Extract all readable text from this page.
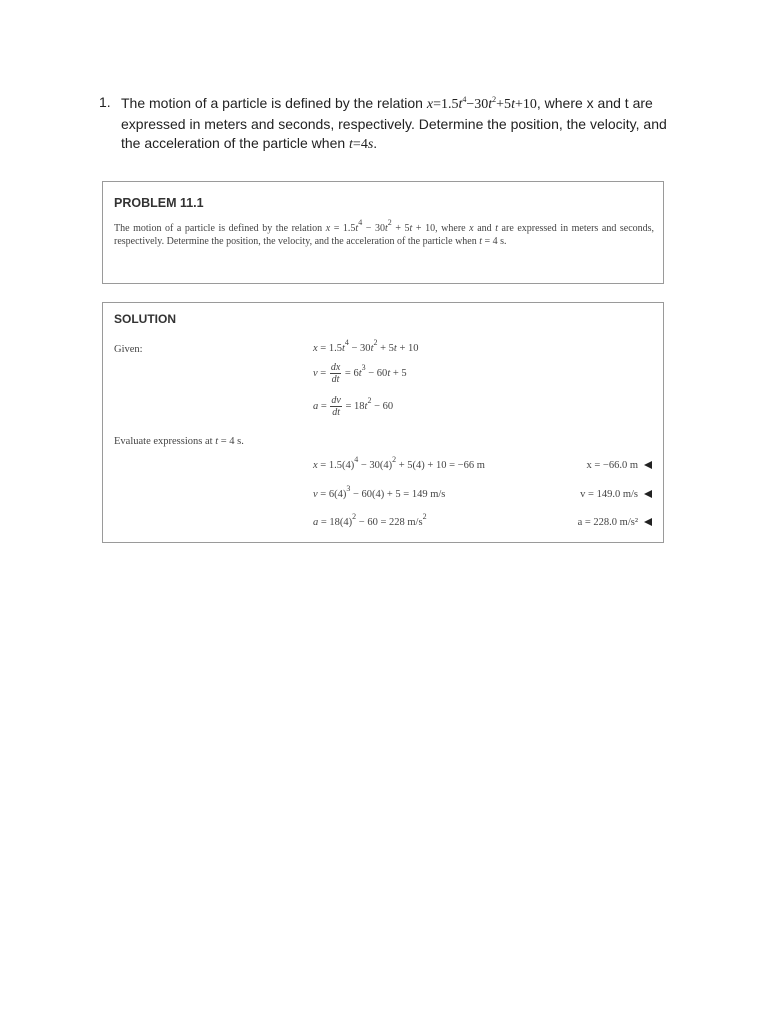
1. The motion of a particle is defined by the relation $x=1.5t^4-30t^2+5t+10$, where x and t are expressed in meters and seconds, respectively. Determine the position, the velocity, and the acceleration of the particle when t=4s.
PROBLEM 11.1
The motion of a particle is defined by the relation $x = 1.5t^4 - 30t^2 + 5t + 10$, where x and t are expressed in meters and seconds, respectively. Determine the position, the velocity, and the acceleration of the particle when t = 4 s.
SOLUTION
Given:	$x = 1.5t^4 - 30t^2 + 5t + 10$
$v = \frac{dx}{dt} = 6t^3 - 60t + 5$
$a = \frac{dv}{dt} = 18t^2 - 60$
Evaluate expressions at t = 4 s.
$x = 1.5(4)^4 - 30(4)^2 + 5(4) + 10 = -66$ m
$v = 6(4)^3 - 60(4) + 5 = 149$ m/s
$a = 18(4)^2 - 60 = 228$ $m/s^2$
x = −66.0 m
v = 149.0 m/s
a = 228.0 m/s²
